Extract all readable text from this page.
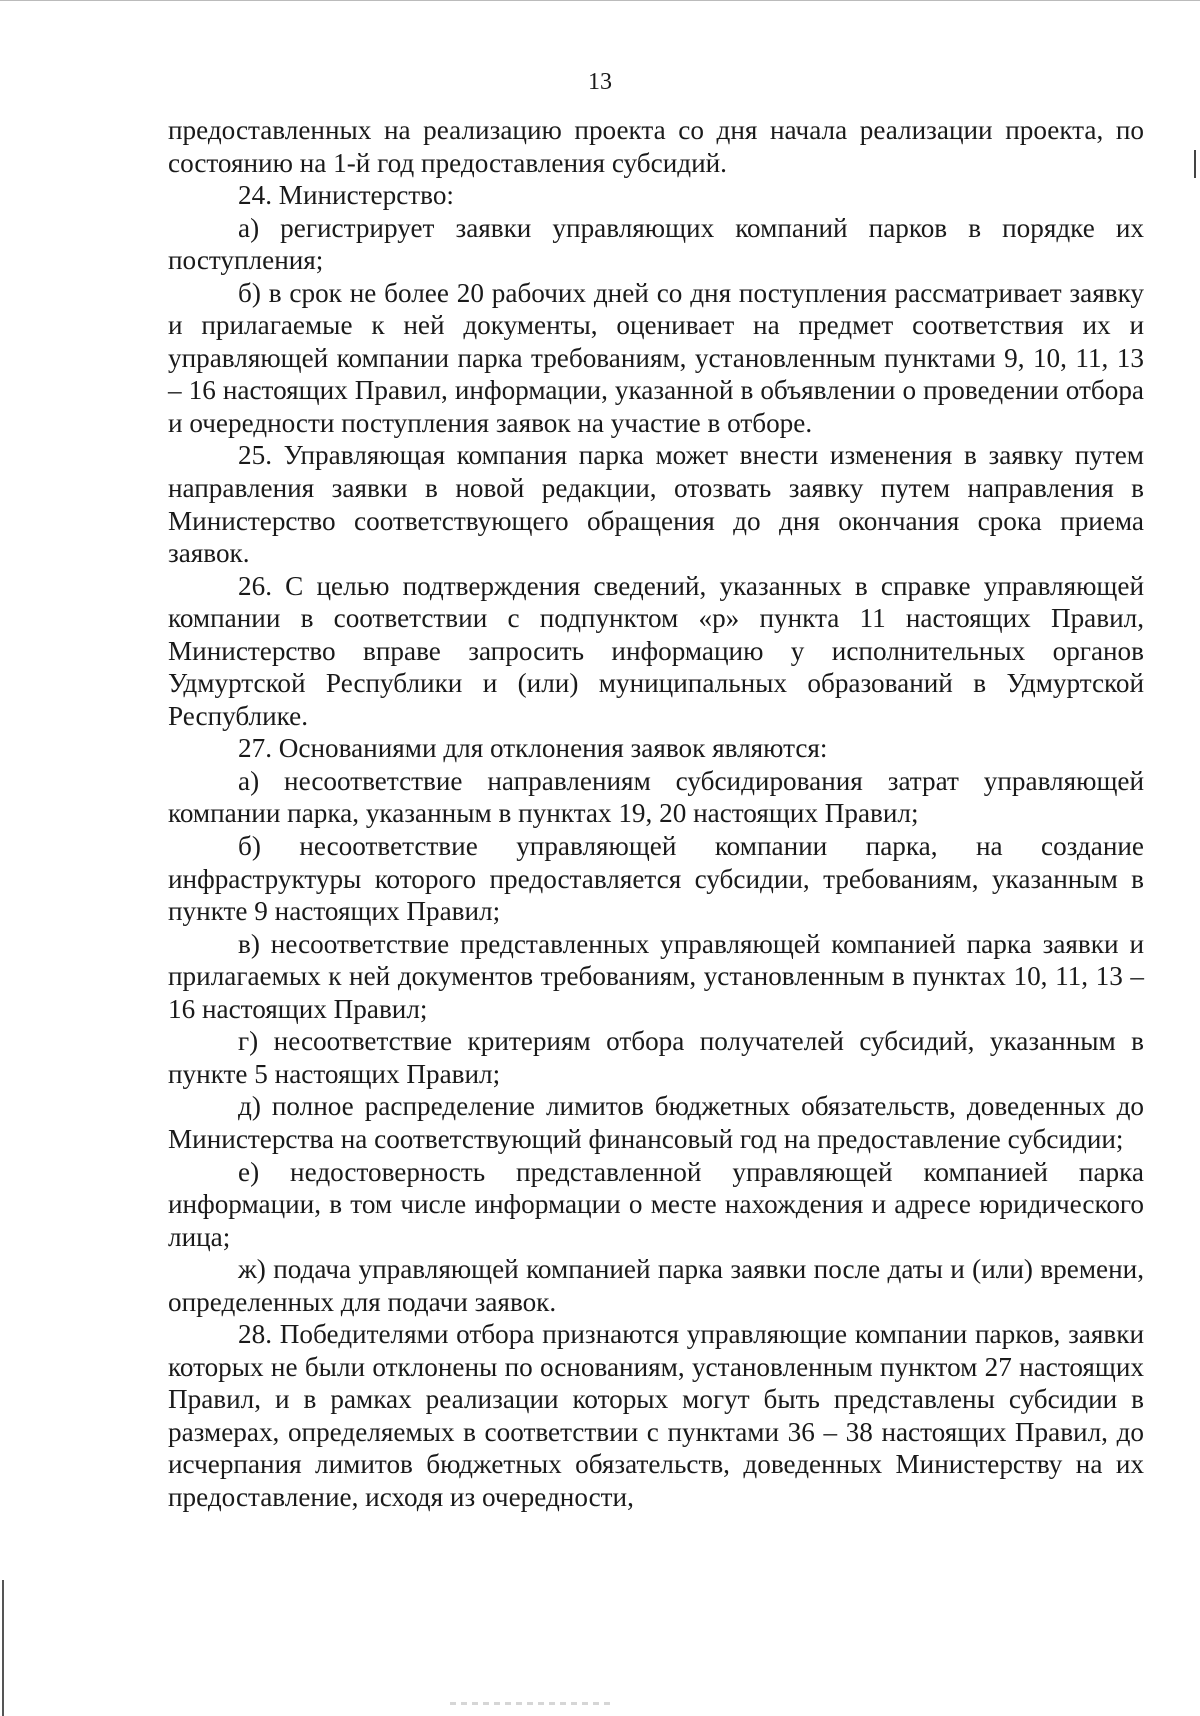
13

предоставленных на реализацию проекта со дня начала реализации проекта, по состоянию на 1-й год предоставления субсидий.

24. Министерство:

а) регистрирует заявки управляющих компаний парков в порядке их поступления;

б) в срок не более 20 рабочих дней со дня поступления рассматривает заявку и прилагаемые к ней документы, оценивает на предмет соответствия их и управляющей компании парка требованиям, установленным пунктами 9, 10, 11, 13 – 16 настоящих Правил, информации, указанной в объявлении о проведении отбора и очередности поступления заявок на участие в отборе.

25. Управляющая компания парка может внести изменения в заявку путем направления заявки в новой редакции, отозвать заявку путем направления в Министерство соответствующего обращения до дня окончания срока приема заявок.

26. С целью подтверждения сведений, указанных в справке управляющей компании в соответствии с подпунктом «р» пункта 11 настоящих Правил, Министерство вправе запросить информацию у исполнительных органов Удмуртской Республики и (или) муниципальных образований в Удмуртской Республике.

27. Основаниями для отклонения заявок являются:

а) несоответствие направлениям субсидирования затрат управляющей компании парка, указанным в пунктах 19, 20 настоящих Правил;

б) несоответствие управляющей компании парка, на создание инфраструктуры которого предоставляется субсидии, требованиям, указанным в пункте 9 настоящих Правил;

в) несоответствие представленных управляющей компанией парка заявки и прилагаемых к ней документов требованиям, установленным в пунктах 10, 11, 13 – 16 настоящих Правил;

г) несоответствие критериям отбора получателей субсидий, указанным в пункте 5 настоящих Правил;

д) полное распределение лимитов бюджетных обязательств, доведенных до Министерства на соответствующий финансовый год на предоставление субсидии;

е) недостоверность представленной управляющей компанией парка информации, в том числе информации о месте нахождения и адресе юридического лица;

ж) подача управляющей компанией парка заявки после даты и (или) времени, определенных для подачи заявок.

28. Победителями отбора признаются управляющие компании парков, заявки которых не были отклонены по основаниям, установленным пунктом 27 настоящих Правил, и в рамках реализации которых могут быть представлены субсидии в размерах, определяемых в соответствии с пунктами 36 – 38 настоящих Правил, до исчерпания лимитов бюджетных обязательств, доведенных Министерству на их предоставление, исходя из очередности,
